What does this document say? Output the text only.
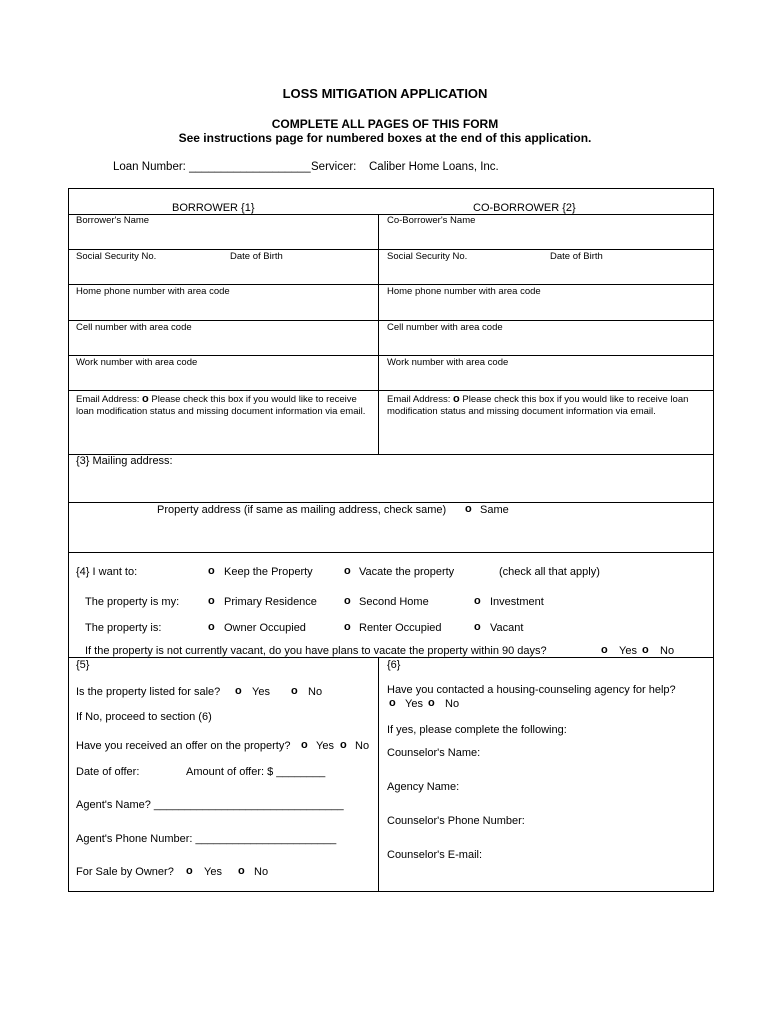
LOSS MITIGATION APPLICATION
COMPLETE ALL PAGES OF THIS FORM
See instructions page for numbered boxes at the end of this application.
Loan Number: ___________________ Servicer: Caliber Home Loans, Inc.
BORROWER {1}
Borrower's Name
Social Security No.	Date of Birth
Home phone number with area code
Cell number with area code
Work number with area code
Email Address: o Please check this box if you would like to receive loan modification status and missing document information via email.
CO-BORROWER {2}
Co-Borrower's Name
Social Security No.	Date of Birth
Home phone number with area code
Cell number with area code
Work number with area code
Email Address: o Please check this box if you would like to receive loan modification status and missing document information via email.
{3} Mailing address:
Property address (if same as mailing address, check same) o Same
{4} I want to:	o Keep the Property	o Vacate the property	(check all that apply)
The property is my:	o Primary Residence o Second Home	o Investment
The property is:	o Owner Occupied	o Renter Occupied	o Vacant
If the property is not currently vacant, do you have plans to vacate the property within 90 days?	o Yes o No
{5}
Is the property listed for sale? o Yes o No
If No, proceed to section (6)
Have you received an offer on the property? o Yes o No
Date of offer:	Amount of offer: $ ________
Agent's Name? _______________________________
Agent's Phone Number: _______________________
For Sale by Owner? o Yes o No
{6}
Have you contacted a housing-counseling agency for help?
o Yes o No
If yes, please complete the following:
Counselor's Name:
Agency Name:
Counselor's Phone Number:
Counselor's E-mail:
